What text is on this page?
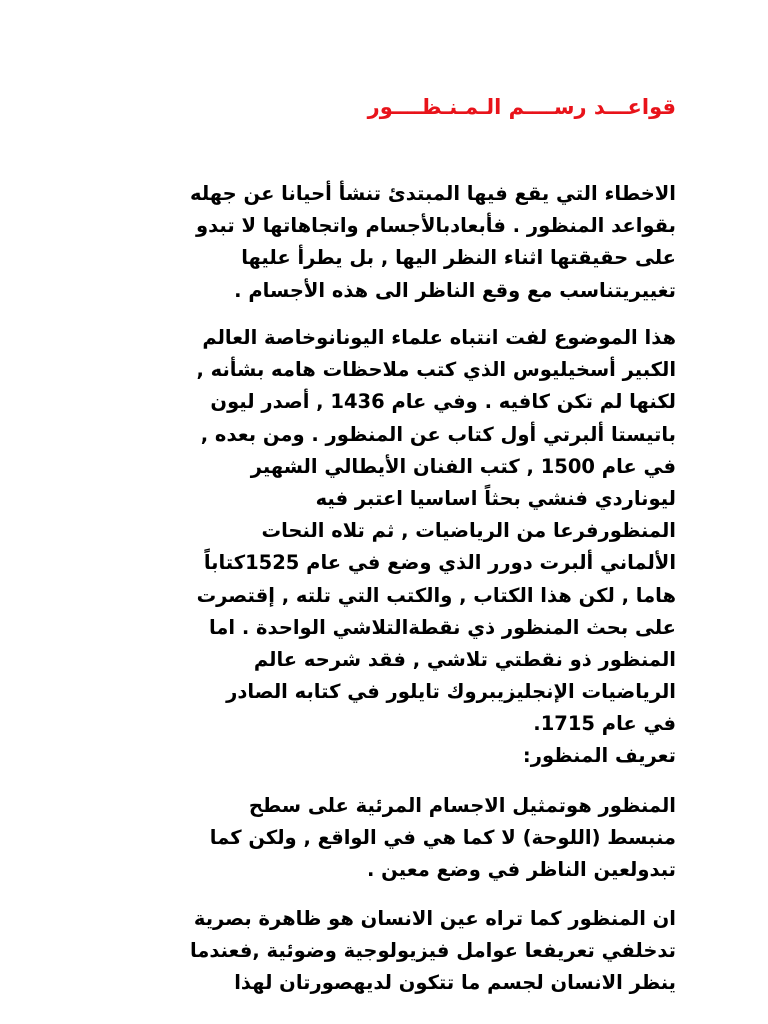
قواعـــد رســــم الـمـنـظــــور

الاخطاء التي يقع فيها المبتدئ تنشأ أحيانا عن جهله
بقواعد المنظور . فأبعادبالأجسام واتجاهاتها لا تبدو
على حقيقتها اثناء النظر اليها , بل يطرأ عليها
تغييريتناسب مع وقع الناظر الى هذه الأجسام .

هذا الموضوع لفت انتباه علماء اليونانوخاصة العالم
الكبير أسخيليوس الذي كتب ملاحظات هامه بشأنه ,
لكنها لم تكن كافيه . وفي عام 1436 , أصدر ليون
باتيستا ألبرتي أول كتاب عن المنظور . ومن بعده ,
في عام 1500 , كتب الفنان الأيطالي الشهير
ليوناردي فنشي بحثاً اساسيا اعتبر فيه
المنظورفرعا من الرياضيات , ثم تلاه النحات
الألماني ألبرت دورر الذي وضع في عام 1525كتاباً
هاما , لكن هذا الكتاب , والكتب التي تلته , إقتصرت
على بحث المنظور ذي نقطةالتلاشي الواحدة . اما
المنظور ذو نقطتي تلاشي , فقد شرحه عالم
الرياضيات الإنجليزيبروك تايلور في كتابه الصادر
في عام 1715.

تعريف المنظور:

المنظور هوتمثيل الاجسام المرئية على سطح
منبسط (اللوحة) لا كما هي في الواقع , ولكن كما
تبدولعين الناظر في وضع معين .

ان المنظور كما تراه عين الانسان هو ظاهرة بصرية
تدخلفي تعريفعا عوامل فيزيولوجية وضوئية ,فعندما
ينظر الانسان لجسم ما تتكون لديهصورتان لهذا
